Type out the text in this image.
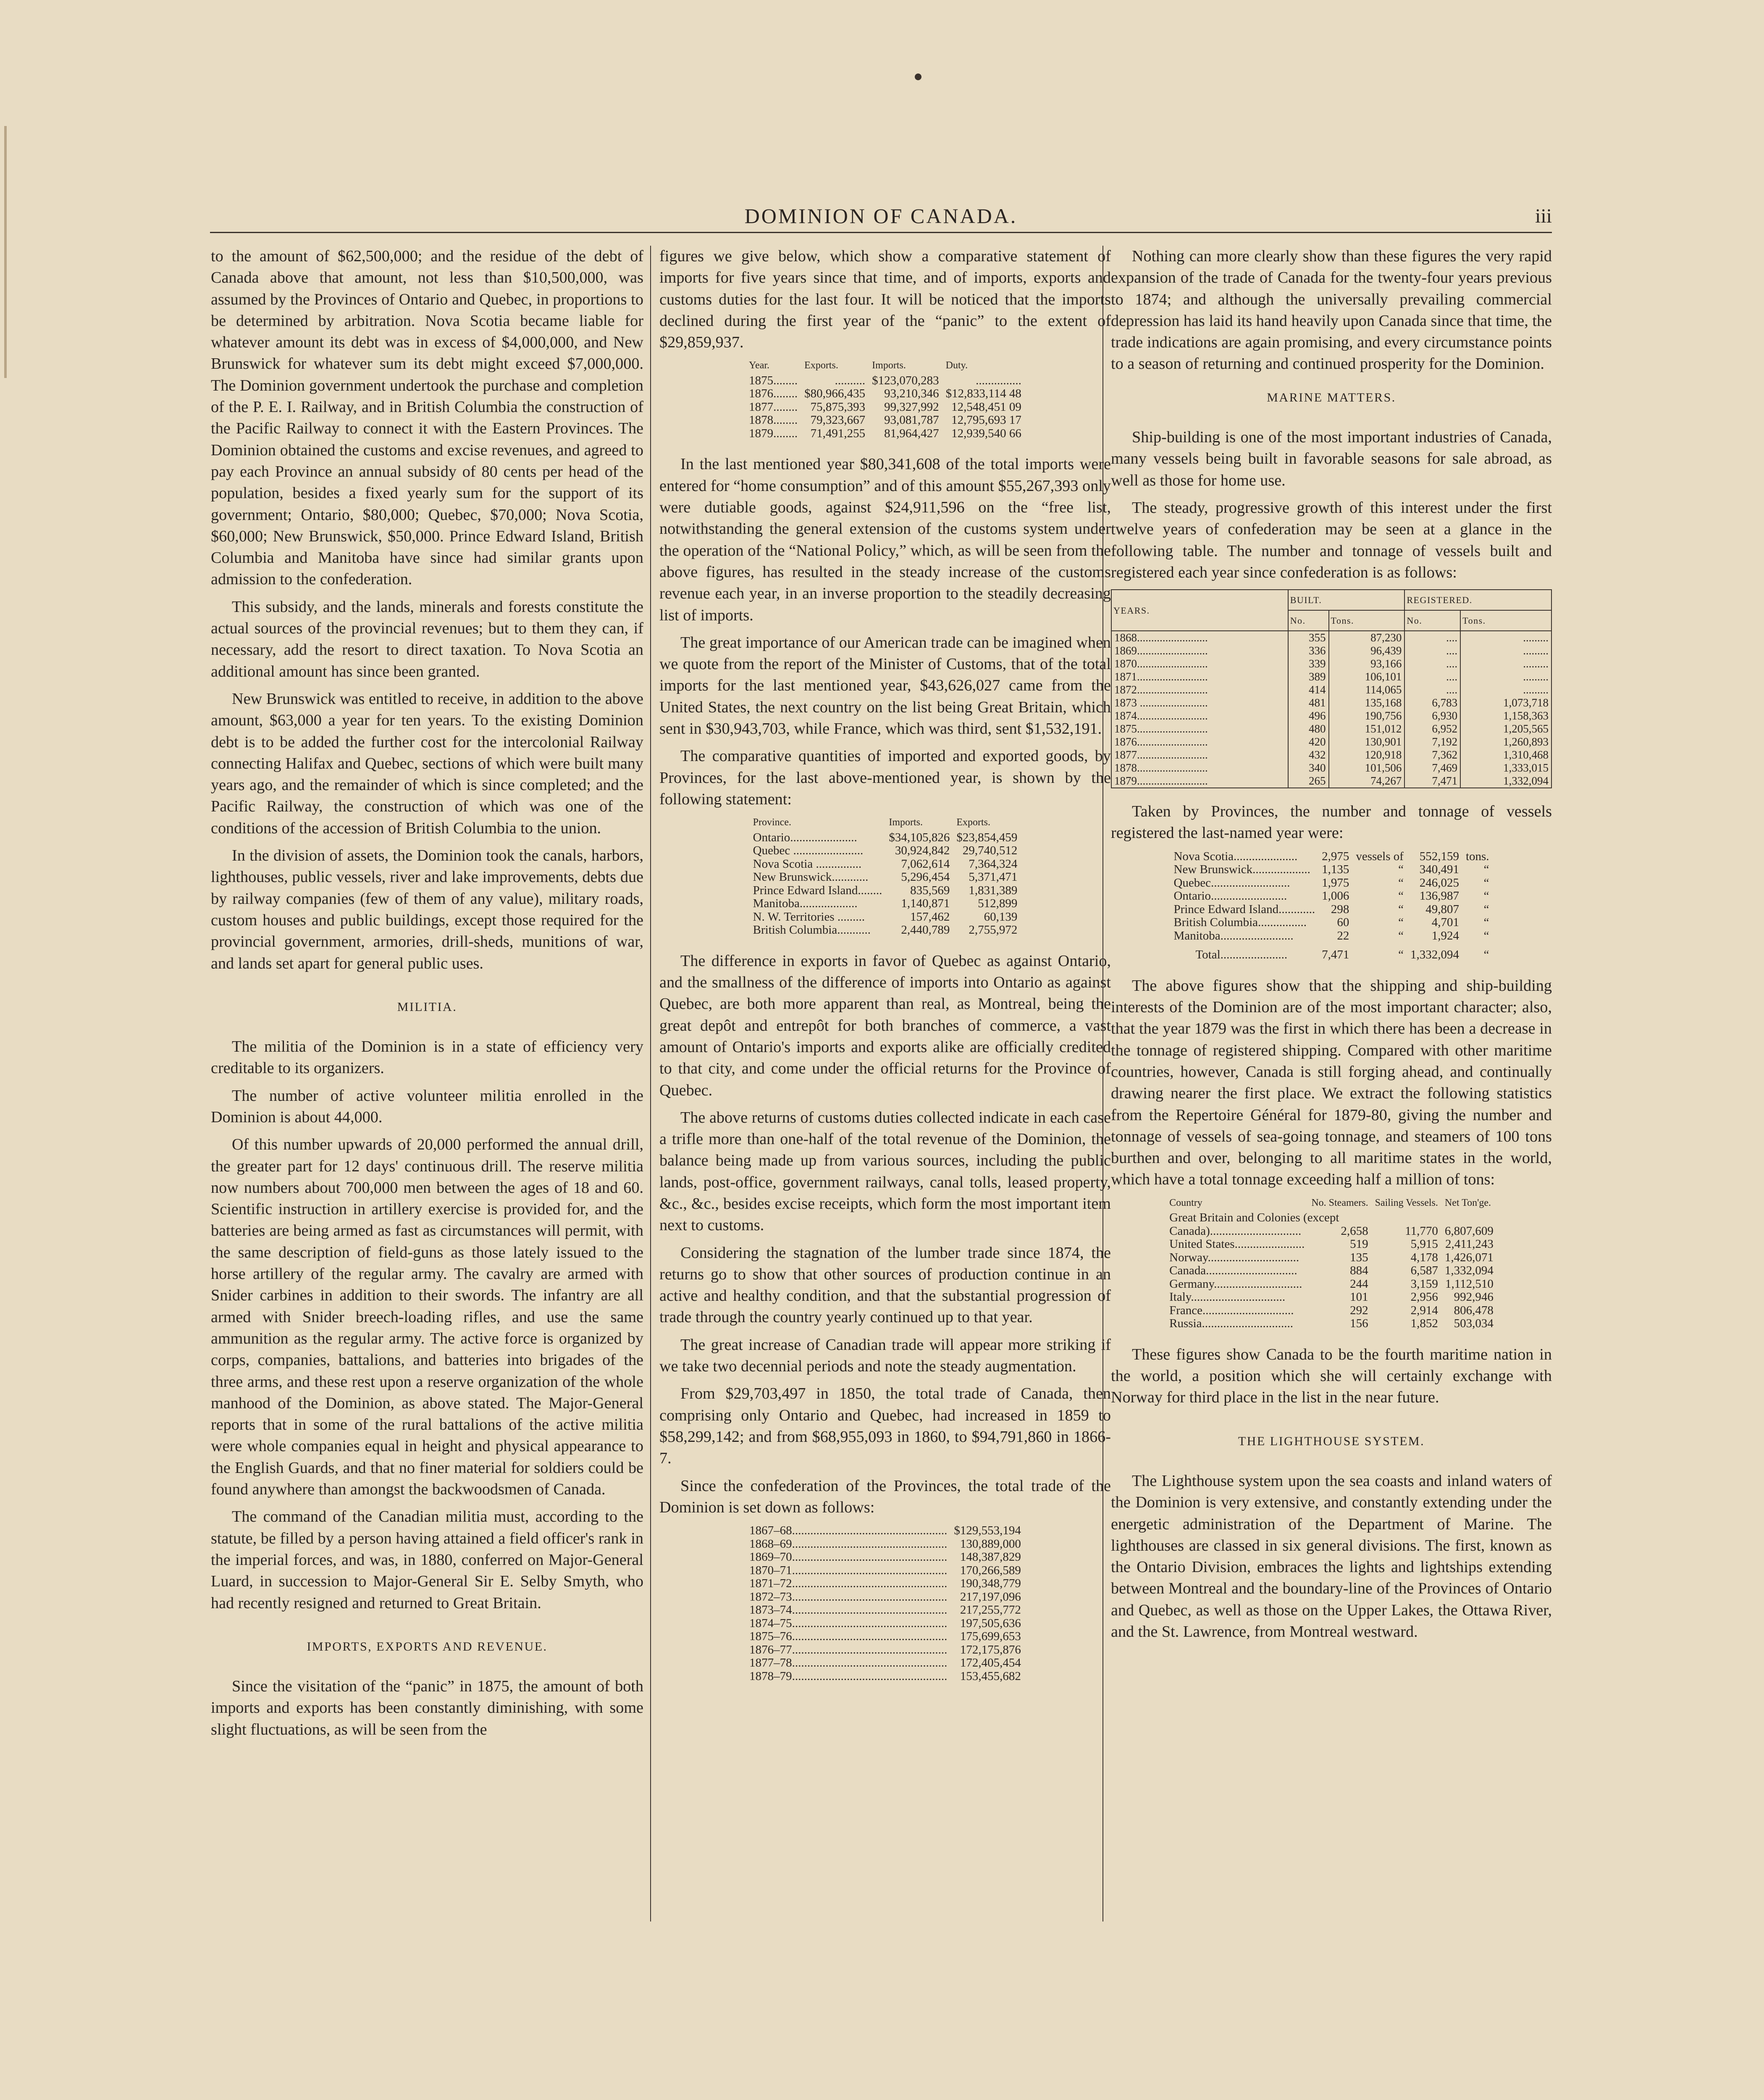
DOMINION OF CANADA.	iii

to the amount of $62,500,000; and the residue of the debt of Canada above that amount, not less than $10,500,000, was assumed by the Provinces of Ontario and Quebec, in proportions to be determined by arbitration. Nova Scotia became liable for whatever amount its debt was in excess of $4,000,000, and New Brunswick for whatever sum its debt might exceed $7,000,000. The Dominion government undertook the purchase and completion of the P. E. I. Railway, and in British Columbia the construction of the Pacific Railway to connect it with the Eastern Provinces. The Dominion obtained the customs and excise revenues, and agreed to pay each Province an annual subsidy of 80 cents per head of the population, besides a fixed yearly sum for the support of its government; Ontario, $80,000; Quebec, $70,000; Nova Scotia, $60,000; New Brunswick, $50,000. Prince Edward Island, British Columbia and Manitoba have since had similar grants upon admission to the confederation.

This subsidy, and the lands, minerals and forests constitute the actual sources of the provincial revenues; but to them they can, if necessary, add the resort to direct taxation. To Nova Scotia an additional amount has since been granted.

New Brunswick was entitled to receive, in addition to the above amount, $63,000 a year for ten years. To the existing Dominion debt is to be added the further cost for the intercolonial Railway connecting Halifax and Quebec, sections of which were built many years ago, and the remainder of which is since completed; and the Pacific Railway, the construction of which was one of the conditions of the accession of British Columbia to the union.

In the division of assets, the Dominion took the canals, harbors, lighthouses, public vessels, river and lake improvements, debts due by railway companies (few of them of any value), military roads, custom houses and public buildings, except those required for the provincial government, armories, drill-sheds, munitions of war, and lands set apart for general public uses.

MILITIA.

The militia of the Dominion is in a state of efficiency very creditable to its organizers.

The number of active volunteer militia enrolled in the Dominion is about 44,000.

Of this number upwards of 20,000 performed the annual drill, the greater part for 12 days' continuous drill. The reserve militia now numbers about 700,000 men between the ages of 18 and 60. Scientific instruction in artillery exercise is provided for, and the batteries are being armed as fast as circumstances will permit, with the same description of field-guns as those lately issued to the horse artillery of the regular army. The cavalry are armed with Snider carbines in addition to their swords. The infantry are all armed with Snider breech-loading rifles, and use the same ammunition as the regular army. The active force is organized by corps, companies, battalions, and batteries into brigades of the three arms, and these rest upon a reserve organization of the whole manhood of the Dominion, as above stated. The Major-General reports that in some of the rural battalions of the active militia were whole companies equal in height and physical appearance to the English Guards, and that no finer material for soldiers could be found anywhere than amongst the backwoodsmen of Canada.

The command of the Canadian militia must, according to the statute, be filled by a person having attained a field officer's rank in the imperial forces, and was, in 1880, conferred on Major-General Luard, in succession to Major-General Sir E. Selby Smyth, who had recently resigned and returned to Great Britain.

IMPORTS, EXPORTS AND REVENUE.

Since the visitation of the “panic” in 1875, the amount of both imports and exports has been constantly diminishing, with some slight fluctuations, as will be seen from the

figures we give below, which show a comparative statement of imports for five years since that time, and of imports, exports and customs duties for the last four. It will be noticed that the imports declined during the first year of the “panic” to the extent of $29,859,937.

Year.	Exports.	Imports.	Duty.
1875........	..........	$123,070,283	...............
1876........	$80,966,435	93,210,346	$12,833,114 48
1877........	75,875,393	99,327,992	12,548,451 09
1878........	79,323,667	93,081,787	12,795,693 17
1879........	71,491,255	81,964,427	12,939,540 66

In the last mentioned year $80,341,608 of the total imports were entered for “home consumption” and of this amount $55,267,393 only were dutiable goods, against $24,911,596 on the “free list, notwithstanding the general extension of the customs system under the operation of the “National Policy,” which, as will be seen from the above figures, has resulted in the steady increase of the customs revenue each year, in an inverse proportion to the steadily decreasing list of imports.

The great importance of our American trade can be imagined when we quote from the report of the Minister of Customs, that of the total imports for the last mentioned year, $43,626,027 came from the United States, the next country on the list being Great Britain, which sent in $30,943,703, while France, which was third, sent $1,532,191.

The comparative quantities of imported and exported goods, by Provinces, for the last above-mentioned year, is shown by the following statement:

Province.	Imports.	Exports.
Ontario......................	$34,105,826	$23,854,459
Quebec .......................	30,924,842	29,740,512
Nova Scotia ...............	7,062,614	7,364,324
New Brunswick............	5,296,454	5,371,471
Prince Edward Island........	835,569	1,831,389
Manitoba...................	1,140,871	512,899
N. W. Territories .........	157,462	60,139
British Columbia...........	2,440,789	2,755,972

The difference in exports in favor of Quebec as against Ontario, and the smallness of the difference of imports into Ontario as against Quebec, are both more apparent than real, as Montreal, being the great depôt and entrepôt for both branches of commerce, a vast amount of Ontario's imports and exports alike are officially credited to that city, and come under the official returns for the Province of Quebec.

The above returns of customs duties collected indicate in each case a trifle more than one-half of the total revenue of the Dominion, the balance being made up from various sources, including the public lands, post-office, government railways, canal tolls, leased property, &c., &c., besides excise receipts, which form the most important item next to customs.

Considering the stagnation of the lumber trade since 1874, the returns go to show that other sources of production continue in an active and healthy condition, and that the substantial progression of trade through the country yearly continued up to that year.

The great increase of Canadian trade will appear more striking if we take two decennial periods and note the steady augmentation.

From $29,703,497 in 1850, the total trade of Canada, then comprising only Ontario and Quebec, had increased in 1859 to $58,299,142; and from $68,955,093 in 1860, to $94,791,860 in 1866-7.

Since the confederation of the Provinces, the total trade of the Dominion is set down as follows:

1867–68...................................................	$129,553,194
1868–69...................................................	130,889,000
1869–70...................................................	148,387,829
1870–71...................................................	170,266,589
1871–72...................................................	190,348,779
1872–73...................................................	217,197,096
1873–74...................................................	217,255,772
1874–75...................................................	197,505,636
1875–76...................................................	175,699,653
1876–77...................................................	172,175,876
1877–78...................................................	172,405,454
1878–79...................................................	153,455,682

Nothing can more clearly show than these figures the very rapid expansion of the trade of Canada for the twenty-four years previous to 1874; and although the universally prevailing commercial depression has laid its hand heavily upon Canada since that time, the trade indications are again promising, and every circumstance points to a season of returning and continued prosperity for the Dominion.

MARINE MATTERS.

Ship-building is one of the most important industries of Canada, many vessels being built in favorable seasons for sale abroad, as well as those for home use.

The steady, progressive growth of this interest under the first twelve years of confederation may be seen at a glance in the following table. The number and tonnage of vessels built and registered each year since confederation is as follows:

YEARS.	BUILT.		REGISTERED.	
	No.	Tons.	No.	Tons.
1868.........................	355	87,230	....	.........
1869.........................	336	96,439	....	.........
1870.........................	339	93,166	....	.........
1871.........................	389	106,101	....	.........
1872.........................	414	114,065	....	.........
1873 ........................	481	135,168	6,783	1,073,718
1874.........................	496	190,756	6,930	1,158,363
1875.........................	480	151,012	6,952	1,205,565
1876.........................	420	130,901	7,192	1,260,893
1877.........................	432	120,918	7,362	1,310,468
1878.........................	340	101,506	7,469	1,333,015
1879.........................	265	74,267	7,471	1,332,094

Taken by Provinces, the number and tonnage of vessels registered the last-named year were:

Nova Scotia.....................	2,975	vessels of	552,159	tons.
New Brunswick...................	1,135	“	340,491	“
Quebec..........................	1,975	“	246,025	“
Ontario.........................	1,006	“	136,987	“
Prince Edward Island............	298	“	49,807	“
British Columbia................	60	“	4,701	“
Manitoba........................	22	“	1,924	“
Total......................	7,471	“	1,332,094	“

The above figures show that the shipping and ship-building interests of the Dominion are of the most important character; also, that the year 1879 was the first in which there has been a decrease in the tonnage of registered shipping. Compared with other maritime countries, however, Canada is still forging ahead, and continually drawing nearer the first place. We extract the following statistics from the Repertoire Général for 1879-80, giving the number and tonnage of vessels of sea-going tonnage, and steamers of 100 tons burthen and over, belonging to all maritime states in the world, which have a total tonnage exceeding half a million of tons:

Country	No. Steamers.	Sailing Vessels.	Net Ton'ge.
Great Britain and Colonies (except			
Canada)..............................	2,658	11,770	6,807,609
United States.......................	519	5,915	2,411,243
Norway..............................	135	4,178	1,426,071
Canada..............................	884	6,587	1,332,094
Germany.............................	244	3,159	1,112,510
Italy...............................	101	2,956	992,946
France..............................	292	2,914	806,478
Russia..............................	156	1,852	503,034

These figures show Canada to be the fourth maritime nation in the world, a position which she will certainly exchange with Norway for third place in the list in the near future.

THE LIGHTHOUSE SYSTEM.

The Lighthouse system upon the sea coasts and inland waters of the Dominion is very extensive, and constantly extending under the energetic administration of the Department of Marine. The lighthouses are classed in six general divisions. The first, known as the Ontario Division, embraces the lights and lightships extending between Montreal and the boundary-line of the Provinces of Ontario and Quebec, as well as those on the Upper Lakes, the Ottawa River, and the St. Lawrence, from Montreal westward.
